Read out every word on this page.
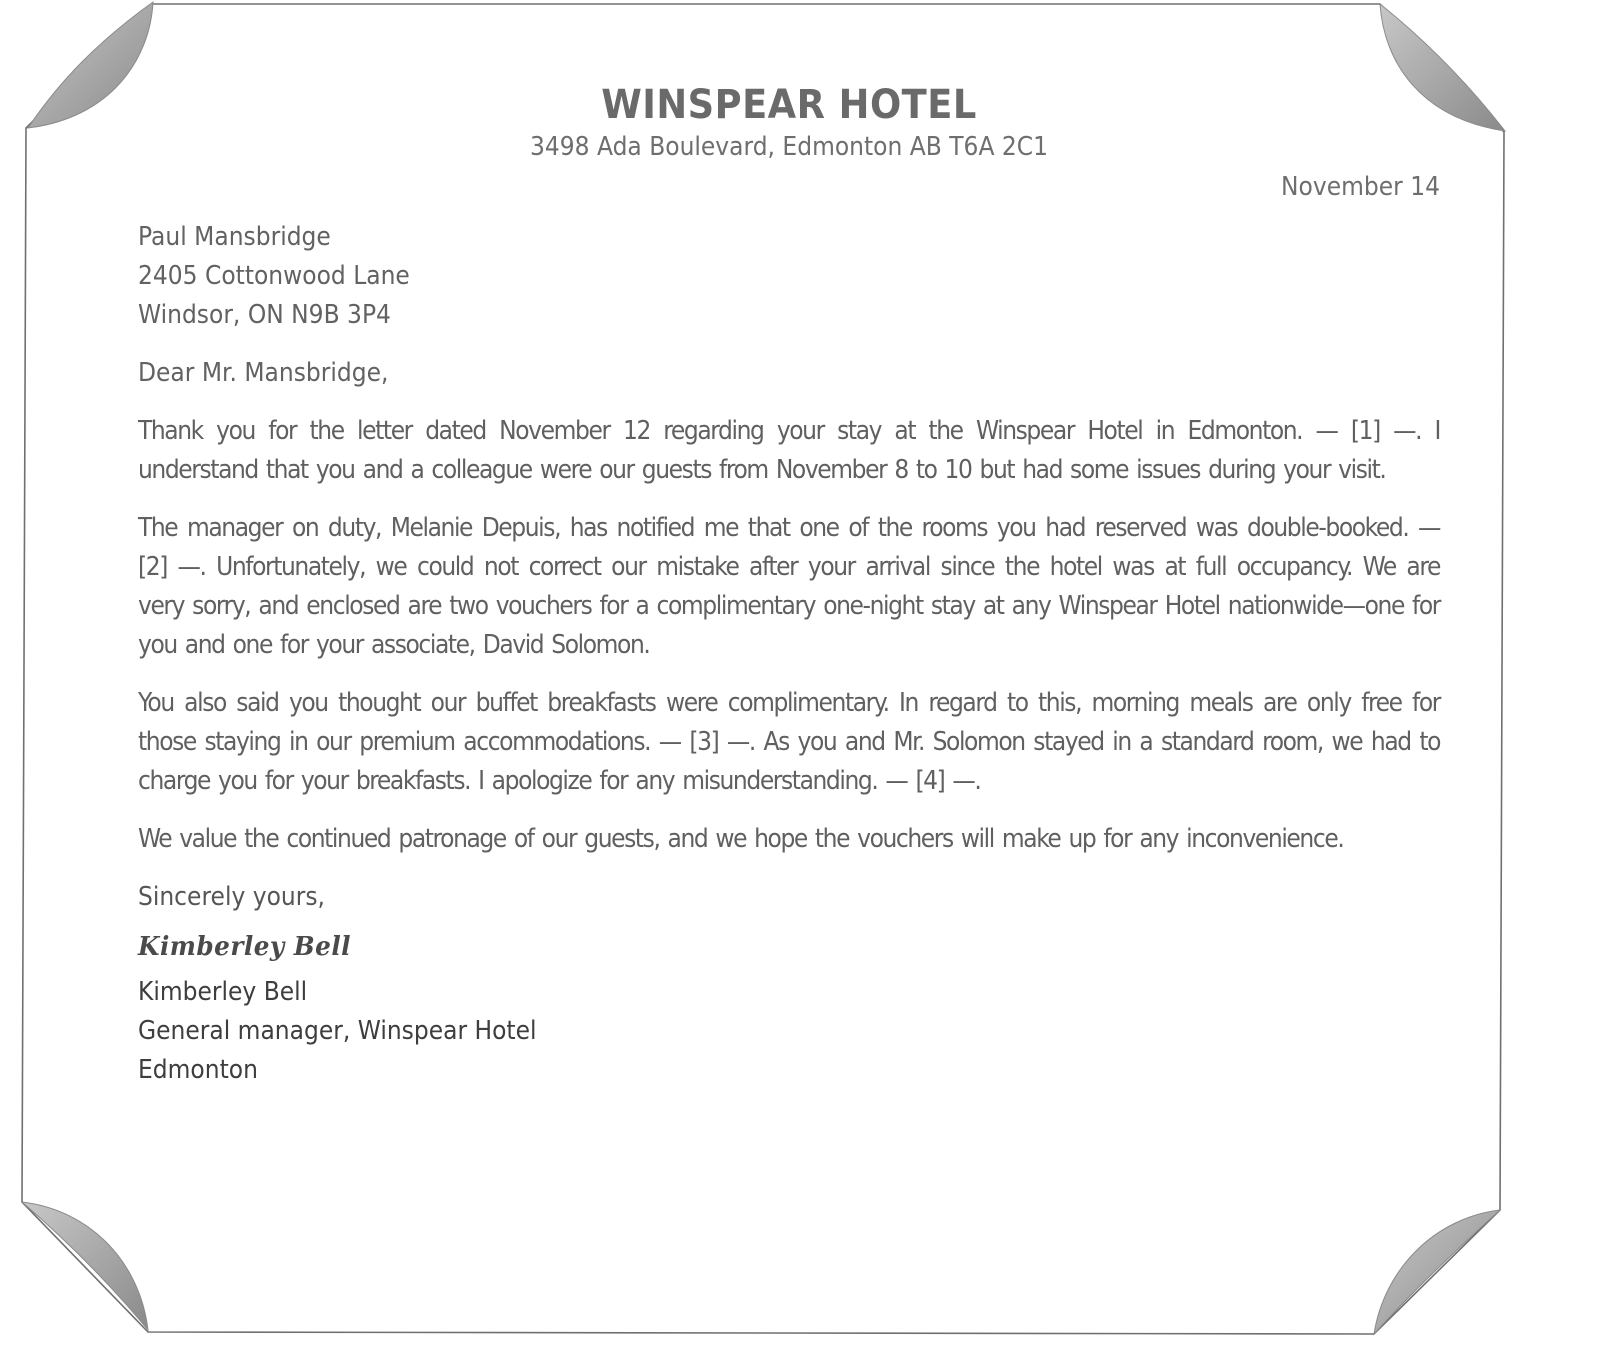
WINSPEAR HOTEL

3498 Ada Boulevard, Edmonton AB T6A 2C1

November 14

Paul Mansbridge
2405 Cottonwood Lane
Windsor, ON N9B 3P4

Dear Mr. Mansbridge,

Thank you for the letter dated November 12 regarding your stay at the Winspear Hotel in Edmonton. — [1] —. I understand that you and a colleague were our guests from November 8 to 10 but had some issues during your visit.

The manager on duty, Melanie Depuis, has notified me that one of the rooms you had reserved was double-booked. — [2] —. Unfortunately, we could not correct our mistake after your arrival since the hotel was at full occupancy. We are very sorry, and enclosed are two vouchers for a complimentary one-night stay at any Winspear Hotel nationwide—one for you and one for your associate, David Solomon.

You also said you thought our buffet breakfasts were complimentary. In regard to this, morning meals are only free for those staying in our premium accommodations. — [3] —. As you and Mr. Solomon stayed in a standard room, we had to charge you for your breakfasts. I apologize for any misunderstanding. — [4] —.

We value the continued patronage of our guests, and we hope the vouchers will make up for any inconvenience.

Sincerely yours,

Kimberley Bell

Kimberley Bell
General manager, Winspear Hotel
Edmonton
